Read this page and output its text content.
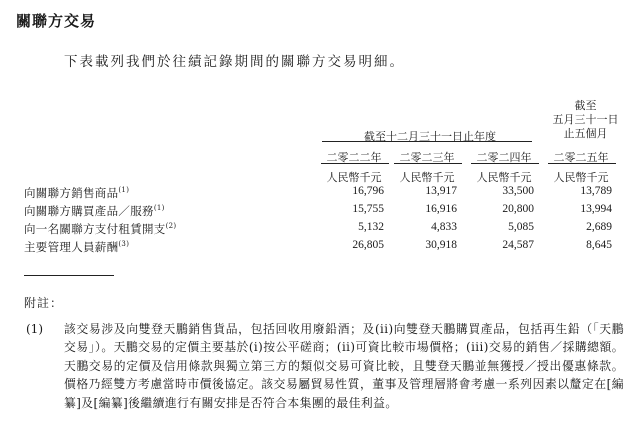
關聯方交易
下表載列我們於往績記錄期間的關聯方交易明細。
截至十二月三十一日止年度
截至
五月三十一日
止五個月
二零二二年	二零二三年	二零二四年	二零二五年
人民幣千元	人民幣千元	人民幣千元	人民幣千元
向關聯方銷售商品$^{(1)}$	16,796	13,917	33,500	13,789
向關聯方購買產品／服務$^{(1)}$	15,755	16,916	20,800	13,994
向一名關聯方支付租賃開支$^{(2)}$	5,132	4,833	5,085	2,689
主要管理人員薪酬$^{(3)}$	26,805	30,918	24,587	8,645
附註：
(1) 該交易涉及向雙登天鵬銷售貨品，包括回收用廢鉛酒；及(ii)向雙登天鵬購買產品，包括再生鉛（「天鵬交易」）。天鵬交易的定價主要基於(i)按公平磋商；(ii)可資比較市場價格；(iii)交易的銷售／採購總額。天鵬交易的定價及信用條款與獨立第三方的類似交易可資比較，且雙登天鵬並無獲授／授出優惠條款。價格乃經雙方考慮當時市價後協定。該交易屬貿易性質，董事及管理層將會考慮一系列因素以釐定在[編纂]及[編纂]後繼續進行有關安排是否符合本集團的最佳利益。
